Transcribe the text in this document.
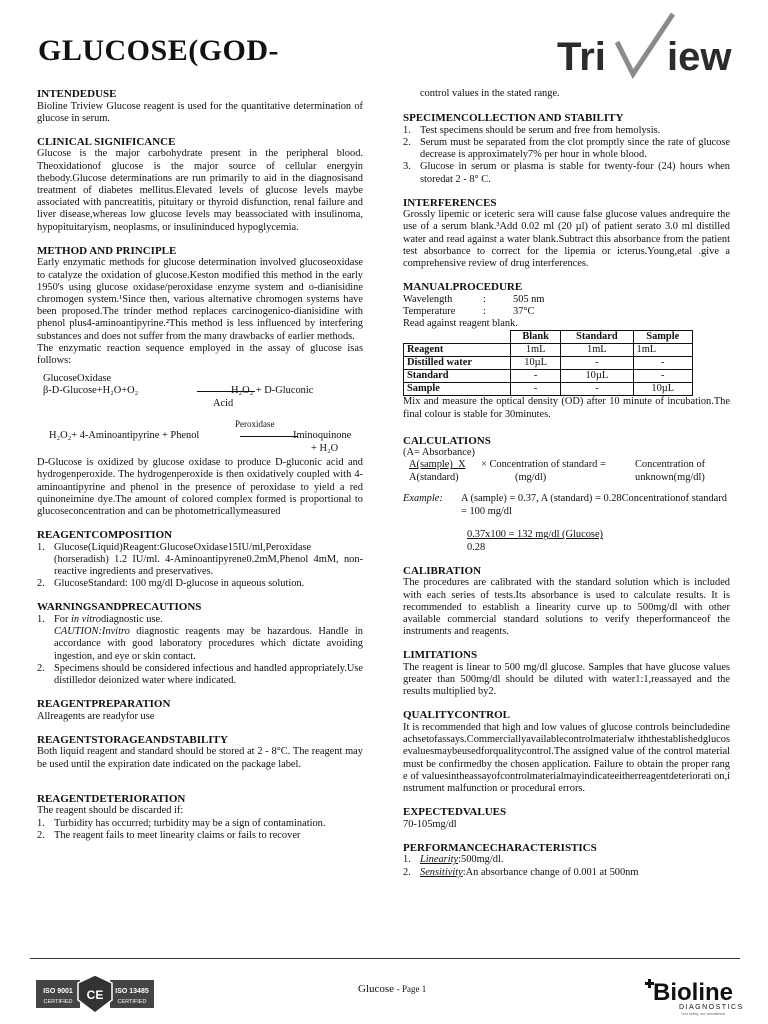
GLUCOSE(GOD-	Tri iew
INTENDEDUSE

Bioline Triview Glucose reagent is used for the quantitative determination of glucose in serum.

CLINICAL SIGNIFICANCE

Glucose is the major carbohydrate present in the peripheral blood. Theoxidationof glucose is the major source of cellular energyin thebody.Glucose determinations are run primarily to aid in the diagnosisand treatment of diabetes mellitus.Elevated levels of glucose levels maybe associated with pancreatitis, pituitary or thyroid disfunction, renal failure and liver disease,whereas low glucose levels may beassociated with insulinoma, hypopituitaryism, neoplasms, or insulininduced hypoglycemia.

METHOD AND PRINCIPLE

Early enzymatic methods for glucose determination involved glucoseoxidase to catalyze the oxidation of glucose.Keston modified this method in the early 1950's using glucose oxidase/peroxidase enzyme system and o-dianisidine chromogen system.¹Since then, various alternative chromogen systems have been proposed.The trinder method replaces carcinogenico-dianisidine with phenol plus4-aminoantipyrine.²This method is less influenced by interfering substances and does not suffer from the many drawbacks of earlier methods.

The enzymatic reaction sequence employed in the assay of glucose isas follows:

GlucoseOxidase
β-D-Glucose+H₂O+O₂	H₂O₂ + D-Gluconic
Acid
Peroxidase
H₂O₂+ 4-Aminoantipyrine + Phenol	Iminoquinone
+ H₂O

D-Glucose is oxidized by glucose oxidase to produce D-gluconic acid and hydrogenperoxide. The hydrogenperoxide is then oxidatively coupled with 4-aminoantipyrine and phenol in the presence of peroxidase to yield a red quinoneimine dye.The amount of colored complex formed is proportional to glucoseconcentration and can be photometricallymeasured

REAGENTCOMPOSITION
1. Glucose(Liquid)Reagent:GlucoseOxidase15IU/ml,Peroxidase (horseradish) 1.2 IU/ml. 4-Aminoantipyrene0.2mM,Phenol 4mM, non-reactive ingredients and preservatives.
2. GlucoseStandard: 100 mg/dl D-glucose in aqueous solution.
WARNINGSANDPRECAUTIONS
1. For in vitrodiagnostic use.
CAUTION:Invitro diagnostic reagents may be hazardous. Handle in accordance with good laboratory procedures which dictate avoiding ingestion, and eye or skin contact.
2. Specimens should be considered infectious and handled appropriately.Use distilledor deionized water where indicated.
REAGENTPREPARATION

Allreagents are readyfor use

REAGENTSTORAGEANDSTABILITY

Both liquid reagent and standard should be stored at 2 - 8°C. The reagent may be used until the expiration date indicated on the package label.

REAGENTDETERIORATION

The reagent should be discarded if:

1. Turbidity has occurred; turbidity may be a sign of contamination.
2. The reagent fails to meet linearity claims or fails to recover

control values in the stated range.

SPECIMENCOLLECTION AND STABILITY
1. Test specimens should be serum and free from hemolysis.
2. Serum must be separated from the clot promptly since the rate of glucose decrease is approximately7% per hour in whole blood.
3. Glucose in serum or plasma is stable for twenty-four (24) hours when storedat 2 - 8° C.
INTERFERENCES

Grossly lipemic or iceteric sera will cause false glucose values andrequire the use of a serum blank.³Add 0.02 ml (20 µl) of patient serato 3.0 ml distilled water and read against a water blank.Subtract this absorbance from the patient test absorbance to correct for the lipemia or icterus.Young,etal .give a comprehensive review of drug interferences.

MANUALPROCEDURE
Wavelength	:	505 nm
Temperature	:	37°C

Read against reagent blank.

	Blank	Standard	Sample
Reagent	1mL	1mL	1mL
Distilled water	10µL	-	-
Standard	-	10µL	-
Sample	-	-	10µL

Mix and measure the optical density (OD) after 10 minute of incubation.The final colour is stable for 30minutes.

CALCULATIONS

(A= Absorbance)

A(sample) X
A(standard)
× Concentration of standard =
(mg/dl)
Concentration of
unknown(mg/dl)
Example: A (sample) = 0.37, A (standard) = 0.28Concentrationof standard = 100 mg/dl
0.37x100 = 132 mg/dl (Glucose)
0.28
CALIBRATION

The procedures are calibrated with the standard solution which is included with each series of tests.Its absorbance is used to calculate results. It is recommended to establish a linearity curve up to 500mg/dl with other available commercial standard solutions to verify theperformanceof the instruments and reagents.

LIMITATIONS

The reagent is linear to 500 mg/dl glucose. Samples that have glucose values greater than 500mg/dl should be diluted with water1:1,reassayed and the results multiplied by2.

QUALITYCONTROL

It is recommended that high and low values of glucose controls beincludedineachsetofassays.Commerciallyavailablecontrolmaterialw iththestablishedglucosevaluesmaybeusedforqualitycontrol.The assigned value of the control material must be confirmedby the chosen application. Failure to obtain the proper range of valuesintheassayofcontrolmaterialmayindicateeitherreagentdeteriorati on,instrument malfunction or procedural errors.

EXPECTEDVALUES

70-105mg/dl

PERFORMANCECHARACTERISTICS
1. Linearity:500mg/dl.
2. Sensitivity:An absorbance change of 0.001 at 500nm
ISO 9001
CERTIFIED
ISO 13485
CERTIFIED
CE	Glucose - Page 1	Bioline
DIAGNOSTICS
Your safety, our commitment
